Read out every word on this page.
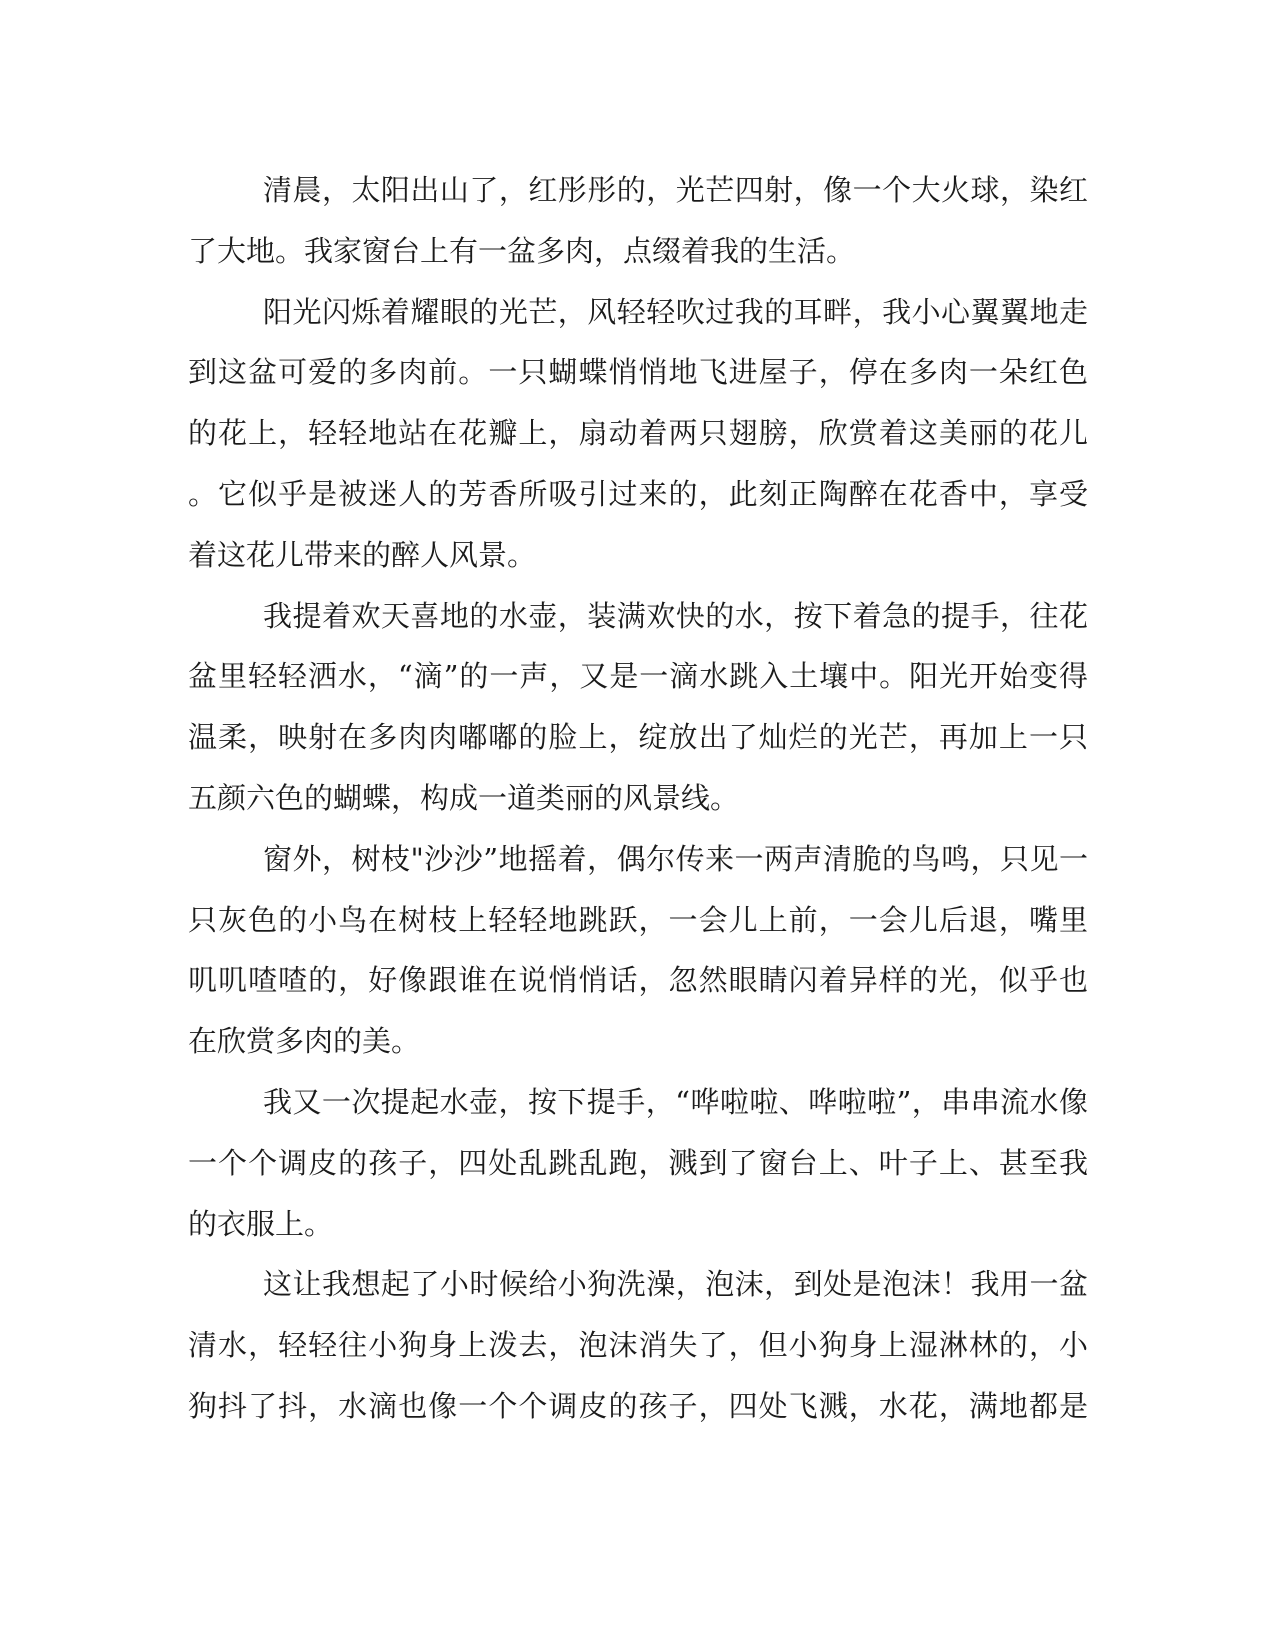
清晨，太阳出山了，红彤彤的，光芒四射，像一个大火球，染红
了大地。我家窗台上有一盆多肉，点缀着我的生活。
阳光闪烁着耀眼的光芒，风轻轻吹过我的耳畔，我小心翼翼地走
到这盆可爱的多肉前。一只蝴蝶悄悄地飞进屋子，停在多肉一朵红色
的花上，轻轻地站在花瓣上，扇动着两只翅膀，欣赏着这美丽的花儿
。它似乎是被迷人的芳香所吸引过来的，此刻正陶醉在花香中，享受
着这花儿带来的醉人风景。
我提着欢天喜地的水壶，装满欢快的水，按下着急的提手，往花
盆里轻轻洒水，“滴”的一声，又是一滴水跳入土壤中。阳光开始变得
温柔，映射在多肉肉嘟嘟的脸上，绽放出了灿烂的光芒，再加上一只
五颜六色的蝴蝶，构成一道类丽的风景线。
窗外，树枝"沙沙”地摇着，偶尔传来一两声清脆的鸟鸣，只见一
只灰色的小鸟在树枝上轻轻地跳跃，一会儿上前，一会儿后退，嘴里
叽叽喳喳的，好像跟谁在说悄悄话，忽然眼睛闪着异样的光，似乎也
在欣赏多肉的美。
我又一次提起水壶，按下提手，“哗啦啦、哗啦啦”，串串流水像
一个个调皮的孩子，四处乱跳乱跑，溅到了窗台上、叶子上、甚至我
的衣服上。
这让我想起了小时候给小狗洗澡，泡沫，到处是泡沫！我用一盆
清水，轻轻往小狗身上泼去，泡沫消失了，但小狗身上湿淋林的，小
狗抖了抖，水滴也像一个个调皮的孩子，四处飞溅，水花，满地都是
